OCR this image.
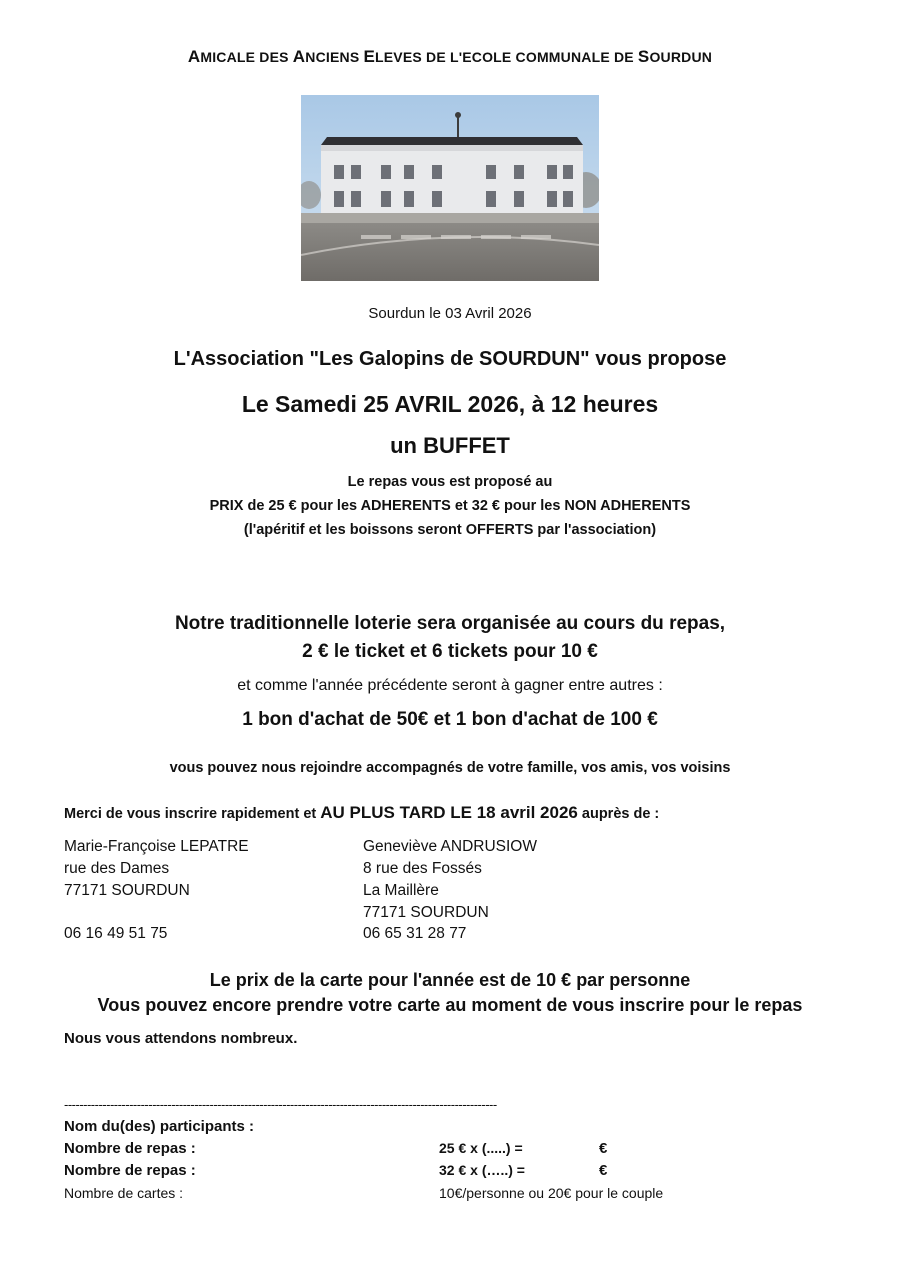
AMICALE DES ANCIENS ELEVES DE L'ECOLE COMMUNALE DE SOURDUN
Sourdun le 03 Avril 2026
L'Association "Les Galopins de SOURDUN" vous propose
Le Samedi 25 AVRIL 2026, à 12 heures
un BUFFET
Le repas vous est proposé au
PRIX de 25 € pour les ADHERENTS et 32 € pour les NON ADHERENTS
(l'apéritif et les boissons seront OFFERTS par l'association)
Notre traditionnelle loterie sera organisée au cours du repas,
2 € le ticket et 6 tickets pour 10 €
et comme l'année précédente seront à gagner entre autres :
1 bon d'achat de 50€ et 1 bon d'achat de 100 €
vous pouvez nous rejoindre accompagnés de votre famille, vos amis, vos voisins
Merci de vous inscrire rapidement et AU PLUS TARD LE 18 avril 2026 auprès de :
Marie-Françoise LEPATRE
rue des Dames
77171 SOURDUN
06 16 49 51 75
Geneviève ANDRUSIOW
8 rue des Fossés
La Maillère
77171 SOURDUN
06 65 31 28 77
Le prix de la carte pour l'année est de 10 € par personne
Vous pouvez encore prendre votre carte au moment de vous inscrire pour le repas
Nous vous attendons nombreux.
-----------------------------------------------------------------------------------------------------------------
Nom du(des) participants :
Nombre de repas :
Nombre de repas :
Nombre de cartes :
25 € x (.....) =
32 € x (…..) =
10€/personne ou 20€ pour le couple
€
€
